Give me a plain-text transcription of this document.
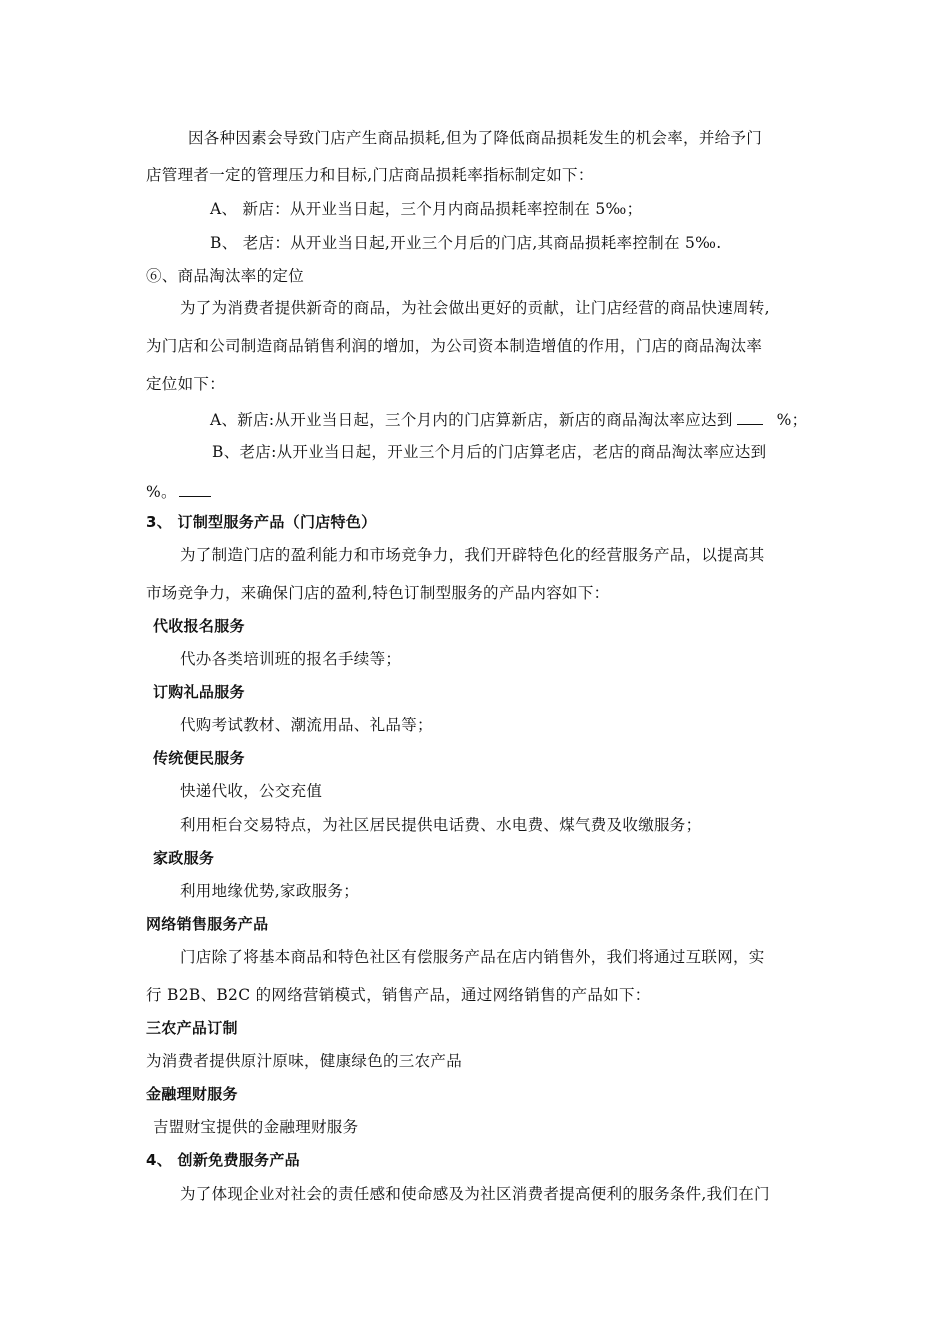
因各种因素会导致门店产生商品损耗,但为了降低商品损耗发生的机会率，并给予门
店管理者一定的管理压力和目标,门店商品损耗率指标制定如下：
A、 新店：从开业当日起，三个月内商品损耗率控制在 5‰；
B、 老店：从开业当日起,开业三个月后的门店,其商品损耗率控制在 5‰.
⑥、商品淘汰率的定位
为了为消费者提供新奇的商品，为社会做出更好的贡献，让门店经营的商品快速周转,
为门店和公司制造商品销售利润的增加，为公司资本制造增值的作用，门店的商品淘汰率
定位如下：
A、新店:从开业当日起，三个月内的门店算新店，新店的商品淘汰率应达到	%；
B、老店:从开业当日起，开业三个月后的门店算老店，老店的商品淘汰率应达到
%。
3、 订制型服务产品（门店特色）
为了制造门店的盈利能力和市场竞争力，我们开辟特色化的经营服务产品，以提高其
市场竞争力，来确保门店的盈利,特色订制型服务的产品内容如下：
代收报名服务
代办各类培训班的报名手续等；
订购礼品服务
代购考试教材、潮流用品、礼品等；
传统便民服务
快递代收，公交充值
利用柜台交易特点，为社区居民提供电话费、水电费、煤气费及收缴服务；
家政服务
利用地缘优势,家政服务；
网络销售服务产品
门店除了将基本商品和特色社区有偿服务产品在店内销售外，我们将通过互联网，实
行 B2B、B2C 的网络营销模式，销售产品，通过网络销售的产品如下：
三农产品订制
为消费者提供原汁原味，健康绿色的三农产品
金融理财服务
吉盟财宝提供的金融理财服务
4、 创新免费服务产品
为了体现企业对社会的责任感和使命感及为社区消费者提高便利的服务条件,我们在门
